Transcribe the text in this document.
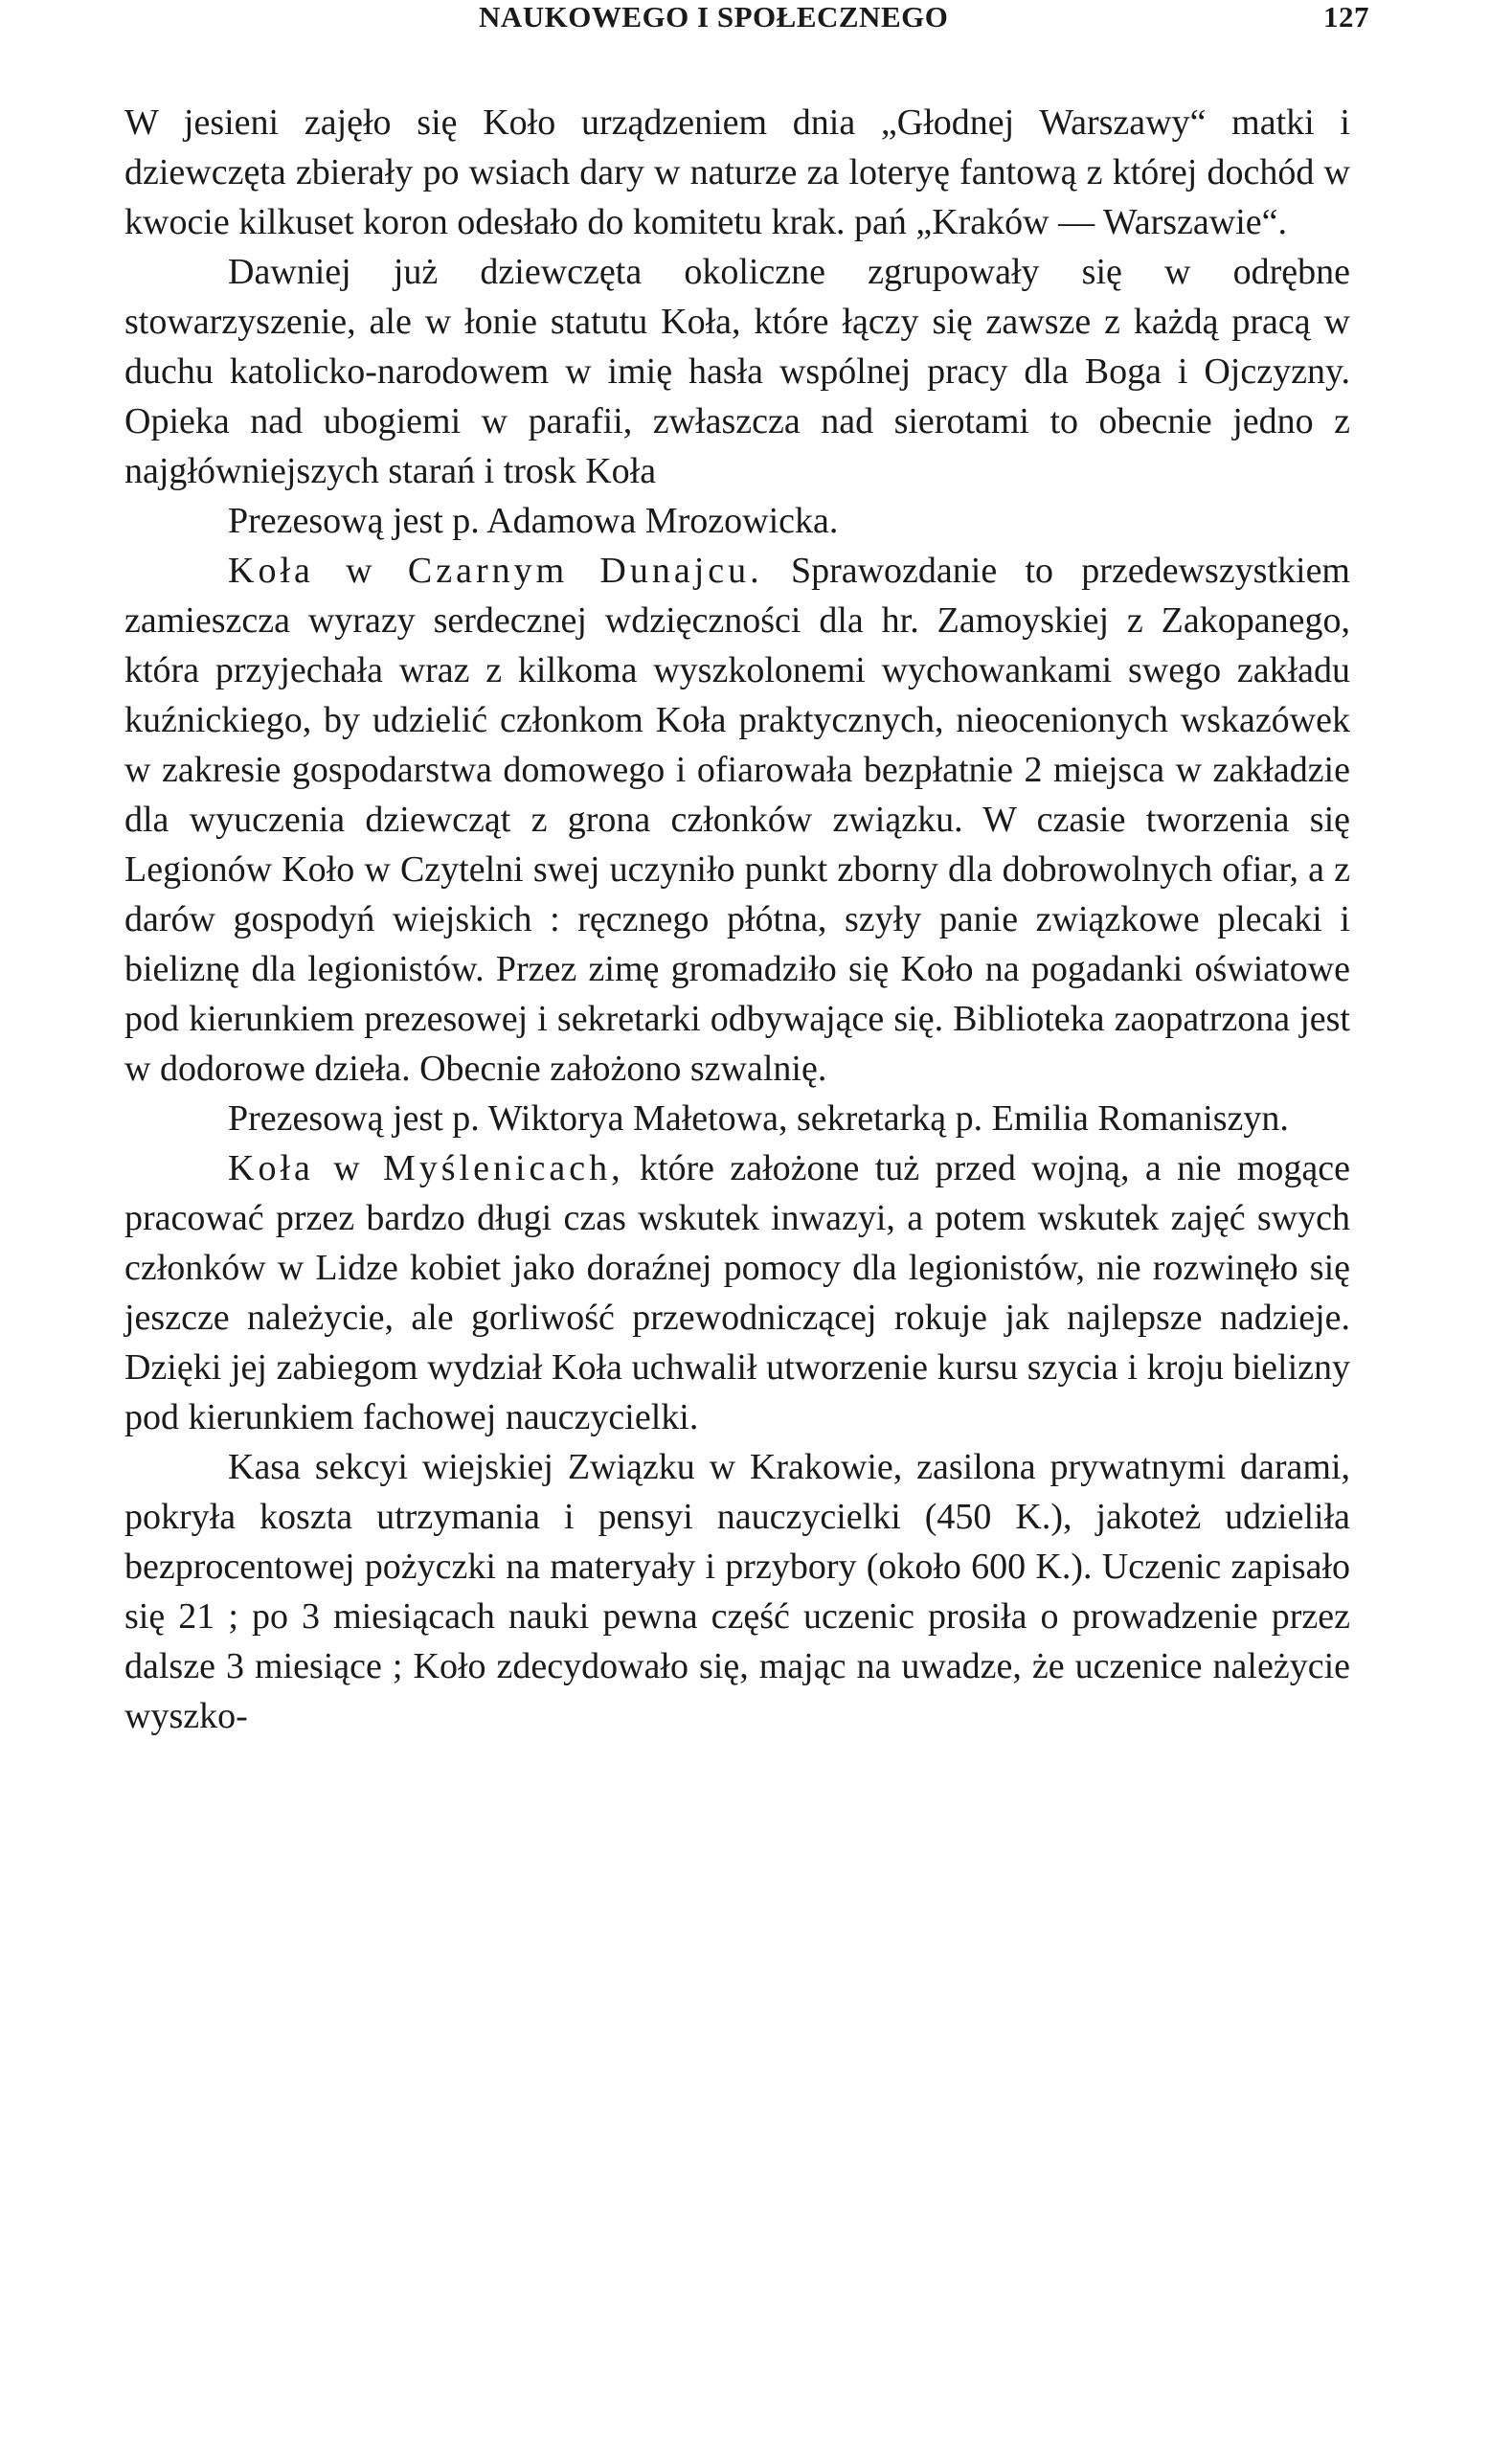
NAUKOWEGO I SPOŁECZNEGO	127

W jesieni zajęło się Koło urządzeniem dnia „Głodnej Warszawy“ matki i dziewczęta zbierały po wsiach dary w naturze za loteryę fantową z której dochód w kwocie kilkuset koron odesłało do komitetu krak. pań „Kraków — Warszawie“.

Dawniej już dziewczęta okoliczne zgrupowały się w odrębne stowarzyszenie, ale w łonie statutu Koła, które łączy się zawsze z każdą pracą w duchu katolicko-narodowem w imię hasła wspólnej pracy dla Boga i Ojczyzny. Opieka nad ubogiemi w parafii, zwłaszcza nad sierotami to obecnie jedno z najgłówniejszych starań i trosk Koła

Prezesową jest p. Adamowa Mrozowicka.

Koła w Czarnym Dunajcu. Sprawozdanie to przedewszystkiem zamieszcza wyrazy serdecznej wdzięczności dla hr. Zamoyskiej z Zakopanego, która przyjechała wraz z kilkoma wyszkolonemi wychowankami swego zakładu kuźnickiego, by udzielić członkom Koła praktycznych, nieocenionych wskazówek w zakresie gospodarstwa domowego i ofiarowała bezpłatnie 2 miejsca w zakładzie dla wyuczenia dziewcząt z grona członków związku. W czasie tworzenia się Legionów Koło w Czytelni swej uczyniło punkt zborny dla dobrowolnych ofiar, a z darów gospodyń wiejskich : ręcznego płótna, szyły panie związkowe plecaki i bieliznę dla legionistów. Przez zimę gromadziło się Koło na pogadanki oświatowe pod kierunkiem prezesowej i sekretarki odbywające się. Biblioteka zaopatrzona jest w dodorowe dzieła. Obecnie założono szwalnię.

Prezesową jest p. Wiktorya Małetowa, sekretarką p. Emilia Romaniszyn.

Koła w Myślenicach, które założone tuż przed wojną, a nie mogące pracować przez bardzo długi czas wskutek inwazyi, a potem wskutek zajęć swych członków w Lidze kobiet jako doraźnej pomocy dla legionistów, nie rozwinęło się jeszcze należycie, ale gorliwość przewodniczącej rokuje jak najlepsze nadzieje. Dzięki jej zabiegom wydział Koła uchwalił utworzenie kursu szycia i kroju bielizny pod kierunkiem fachowej nauczycielki.

Kasa sekcyi wiejskiej Związku w Krakowie, zasilona prywatnymi darami, pokryła koszta utrzymania i pensyi nauczycielki (450 K.), jakoteż udzieliła bezprocentowej pożyczki na materyały i przybory (około 600 K.). Uczenic zapisało się 21 ; po 3 miesiącach nauki pewna część uczenic prosiła o prowadzenie przez dalsze 3 miesiące ; Koło zdecydowało się, mając na uwadze, że uczenice należycie wyszko-
